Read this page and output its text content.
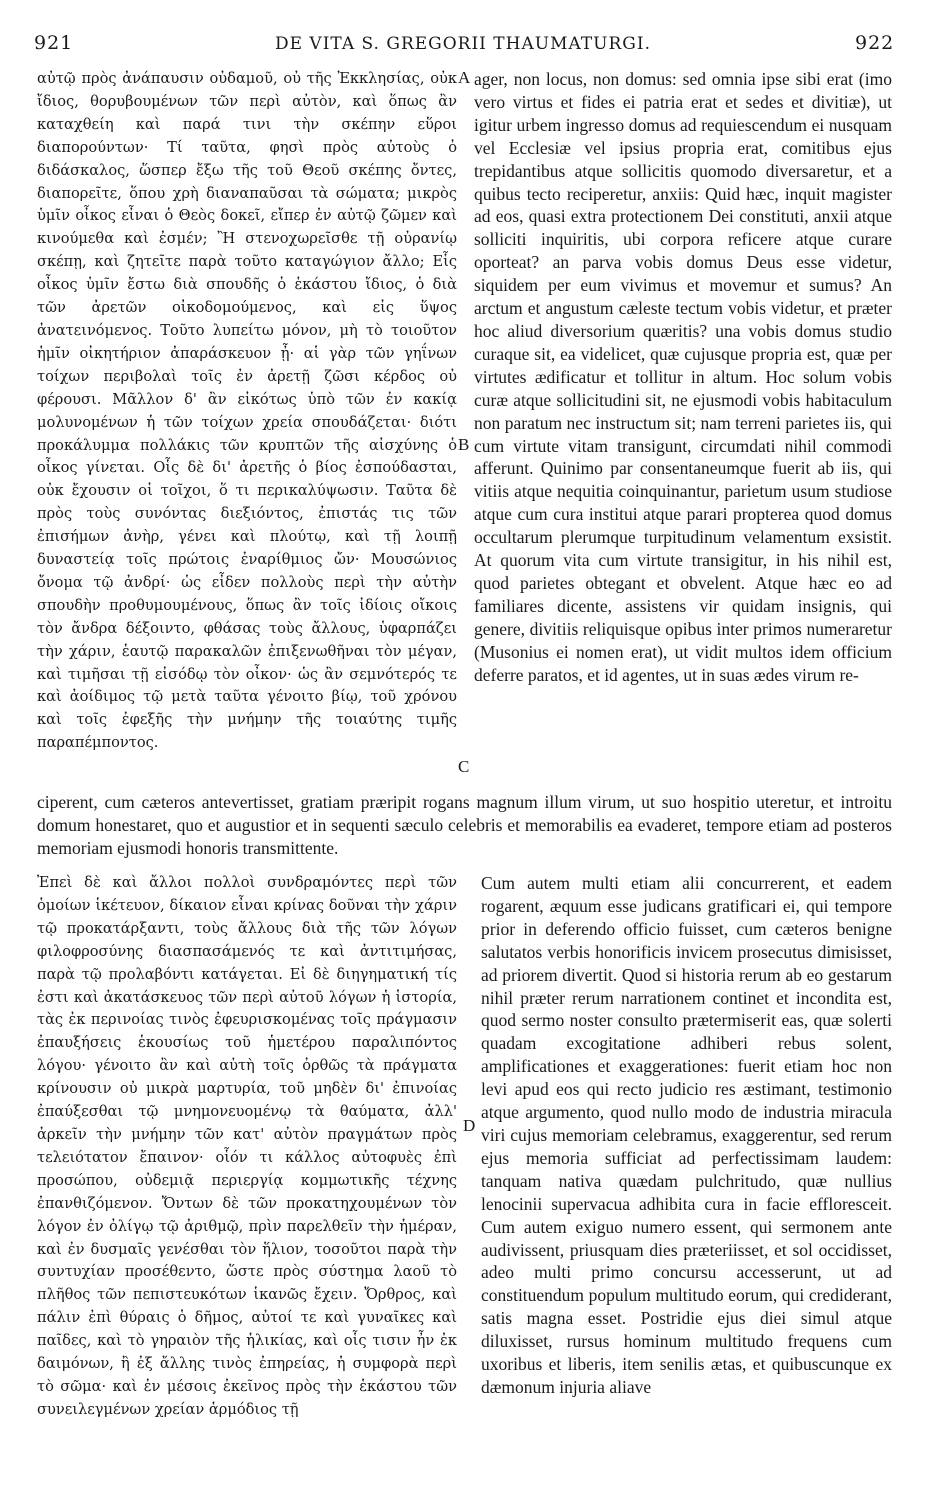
921	DE VITA S. GREGORII THAUMATURGI.	922

αὐτῷ πρὸς ἀνάπαυσιν οὐδαμοῦ, οὐ τῆς Ἐκκλησίας, οὐκ ἴδιος, θορυβουμένων τῶν περὶ αὐτὸν, καὶ ὅπως ἂν καταχθείη καὶ παρά τινι τὴν σκέπην εὕροι διαπορούντων· Τί ταῦτα, φησὶ πρὸς αὐτοὺς ὁ διδάσκαλος, ὥσπερ ἔξω τῆς τοῦ Θεοῦ σκέπης ὄντες, διαπορεῖτε, ὅπου χρὴ διαναπαῦσαι τὰ σώματα; μικρὸς ὑμῖν οἶκος εἶναι ὁ Θεὸς δοκεῖ, εἴπερ ἐν αὐτῷ ζῶμεν καὶ κινούμεθα καὶ ἐσμέν; Ἢ στενοχωρεῖσθε τῇ οὐρανίῳ σκέπῃ, καὶ ζητεῖτε παρὰ τοῦτο καταγώγιον ἄλλο; Εἷς οἶκος ὑμῖν ἔστω διὰ σπουδῆς ὁ ἑκάστου ἴδιος, ὁ διὰ τῶν ἀρετῶν οἰκοδομούμενος, καὶ εἰς ὕψος ἀνατεινόμενος. Τοῦτο λυπείτω μόνον, μὴ τὸ τοιοῦτον ἡμῖν οἰκητήριον ἀπαράσκευον ᾖ· αἱ γὰρ τῶν γηΐνων τοίχων περιβολαὶ τοῖς ἐν ἀρετῇ ζῶσι κέρδος οὐ φέρουσι. Μᾶλλον δ' ἂν εἰκότως ὑπὸ τῶν ἐν κακίᾳ μολυνομένων ἡ τῶν τοίχων χρεία σπουδάζεται· διότι προκάλυμμα πολλάκις τῶν κρυπτῶν τῆς αἰσχύνης ὁ οἶκος γίνεται. Οἷς δὲ δι' ἀρετῆς ὁ βίος ἐσπούδασται, οὐκ ἔχουσιν οἱ τοῖχοι, ὅ τι περικαλύψωσιν. Ταῦτα δὲ πρὸς τοὺς συνόντας διεξιόντος, ἐπιστάς τις τῶν ἐπισήμων ἀνὴρ, γένει καὶ πλούτῳ, καὶ τῇ λοιπῇ δυναστείᾳ τοῖς πρώτοις ἐναρίθμιος ὤν· Μουσώνιος ὄνομα τῷ ἀνδρί· ὡς εἶδεν πολλοὺς περὶ τὴν αὐτὴν σπουδὴν προθυμουμένους, ὅπως ἂν τοῖς ἰδίοις οἴκοις τὸν ἄνδρα δέξοιντο, φθάσας τοὺς ἄλλους, ὑφαρπάζει τὴν χάριν, ἑαυτῷ παρακαλῶν ἐπιξενωθῆναι τὸν μέγαν, καὶ τιμῆσαι τῇ εἰσόδῳ τὸν οἶκον· ὡς ἂν σεμνότερός τε καὶ ἀοίδιμος τῷ μετὰ ταῦτα γένοιτο βίῳ, τοῦ χρόνου καὶ τοῖς ἐφεξῆς τὴν μνήμην τῆς τοιαύτης τιμῆς παραπέμποντος.

ager, non locus, non domus: sed omnia ipse sibi erat (imo vero virtus et fides ei patria erat et sedes et divitiæ), ut igitur urbem ingresso domus ad requiescendum ei nusquam vel Ecclesiæ vel ipsius propria erat, comitibus ejus trepidantibus atque sollicitis quomodo diversaretur, et a quibus tecto reciperetur, anxiis: Quid hæc, inquit magister ad eos, quasi extra protectionem Dei constituti, anxii atque solliciti inquiritis, ubi corpora reficere atque curare oporteat? an parva vobis domus Deus esse videtur, siquidem per eum vivimus et movemur et sumus? An arctum et angustum cæleste tectum vobis videtur, et præter hoc aliud diversorium quæritis? una vobis domus studio curaque sit, ea videlicet, quæ cujusque propria est, quæ per virtutes ædificatur et tollitur in altum. Hoc solum vobis curæ atque sollicitudini sit, ne ejusmodi vobis habitaculum non paratum nec instructum sit; nam terreni parietes iis, qui cum virtute vitam transigunt, circumdati nihil commodi afferunt. Quinimo par consentaneumque fuerit ab iis, qui vitiis atque nequitia coinquinantur, parietum usum studiose atque cum cura institui atque parari propterea quod domus occultarum plerumque turpitudinum velamentum exsistit. At quorum vita cum virtute transigitur, in his nihil est, quod parietes obtegant et obvelent. Atque hæc eo ad familiares dicente, assistens vir quidam insignis, qui genere, divitiis reliquisque opibus inter primos numeraretur (Musonius ei nomen erat), ut vidit multos idem officium deferre paratos, et id agentes, ut in suas ædes virum re-

A
B
C

ciperent, cum cæteros antevertisset, gratiam præripit rogans magnum illum virum, ut suo hospitio uteretur, et introitu domum honestaret, quo et augustior et in sequenti sæculo celebris et memorabilis ea evaderet, tempore etiam ad posteros memoriam ejusmodi honoris transmittente.

Ἐπεὶ δὲ καὶ ἄλλοι πολλοὶ συνδραμόντες περὶ τῶν ὁμοίων ἱκέτευον, δίκαιον εἶναι κρίνας δοῦναι τὴν χάριν τῷ προκατάρξαντι, τοὺς ἄλλους διὰ τῆς τῶν λόγων φιλοφροσύνης διασπασάμενός τε καὶ ἀντιτιμήσας, παρὰ τῷ προλαβόντι κατάγεται. Εἰ δὲ διηγηματική τίς ἐστι καὶ ἀκατάσκευος τῶν περὶ αὐτοῦ λόγων ἡ ἱστορία, τὰς ἐκ περινοίας τινὸς ἐφευρισκομένας τοῖς πράγμασιν ἐπαυξήσεις ἑκουσίως τοῦ ἡμετέρου παραλιπόντος λόγου· γένοιτο ἂν καὶ αὐτὴ τοῖς ὀρθῶς τὰ πράγματα κρίνουσιν οὐ μικρὰ μαρτυρία, τοῦ μηδὲν δι' ἐπινοίας ἐπαύξεσθαι τῷ μνημονευομένῳ τὰ θαύματα, ἀλλ' ἀρκεῖν τὴν μνήμην τῶν κατ' αὐτὸν πραγμάτων πρὸς τελειότατον ἔπαινον· οἷόν τι κάλλος αὐτοφυὲς ἐπὶ προσώπου, οὐδεμιᾷ περιεργίᾳ κομμωτικῆς τέχνης ἐπανθιζόμενον. Ὄντων δὲ τῶν προκατηχουμένων τὸν λόγον ἐν ὀλίγῳ τῷ ἀριθμῷ, πρὶν παρελθεῖν τὴν ἡμέραν, καὶ ἐν δυσμαῖς γενέσθαι τὸν ἥλιον, τοσοῦτοι παρὰ τὴν συντυχίαν προσέθεντο, ὥστε πρὸς σύστημα λαοῦ τὸ πλῆθος τῶν πεπιστευκότων ἱκανῶς ἔχειν. Ὄρθρος, καὶ πάλιν ἐπὶ θύραις ὁ δῆμος, αὐτοί τε καὶ γυναῖκες καὶ παῖδες, καὶ τὸ γηραιὸν τῆς ἡλικίας, καὶ οἷς τισιν ἦν ἐκ δαιμόνων, ἢ ἐξ ἄλλης τινὸς ἐπηρείας, ἡ συμφορὰ περὶ τὸ σῶμα· καὶ ἐν μέσοις ἐκεῖνος πρὸς τὴν ἑκάστου τῶν συνειλεγμένων χρείαν ἁρμόδιος τῇ

D

Cum autem multi etiam alii concurrerent, et eadem rogarent, æquum esse judicans gratificari ei, qui tempore prior in deferendo officio fuisset, cum cæteros benigne salutatos verbis honorificis invicem prosecutus dimisisset, ad priorem divertit. Quod si historia rerum ab eo gestarum nihil præter rerum narrationem continet et incondita est, quod sermo noster consulto prætermiserit eas, quæ solerti quadam excogitatione adhiberi rebus solent, amplificationes et exaggerationes: fuerit etiam hoc non levi apud eos qui recto judicio res æstimant, testimonio atque argumento, quod nullo modo de industria miracula viri cujus memoriam celebramus, exaggerentur, sed rerum ejus memoria sufficiat ad perfectissimam laudem: tanquam nativa quædam pulchritudo, quæ nullius lenocinii supervacua adhibita cura in facie effloresceit. Cum autem exiguo numero essent, qui sermonem ante audivissent, priusquam dies præteriisset, et sol occidisset, adeo multi primo concursu accesserunt, ut ad constituendum populum multitudo eorum, qui crediderant, satis magna esset. Postridie ejus diei simul atque diluxisset, rursus hominum multitudo frequens cum uxoribus et liberis, item senilis ætas, et quibuscunque ex dæmonum injuria aliave
